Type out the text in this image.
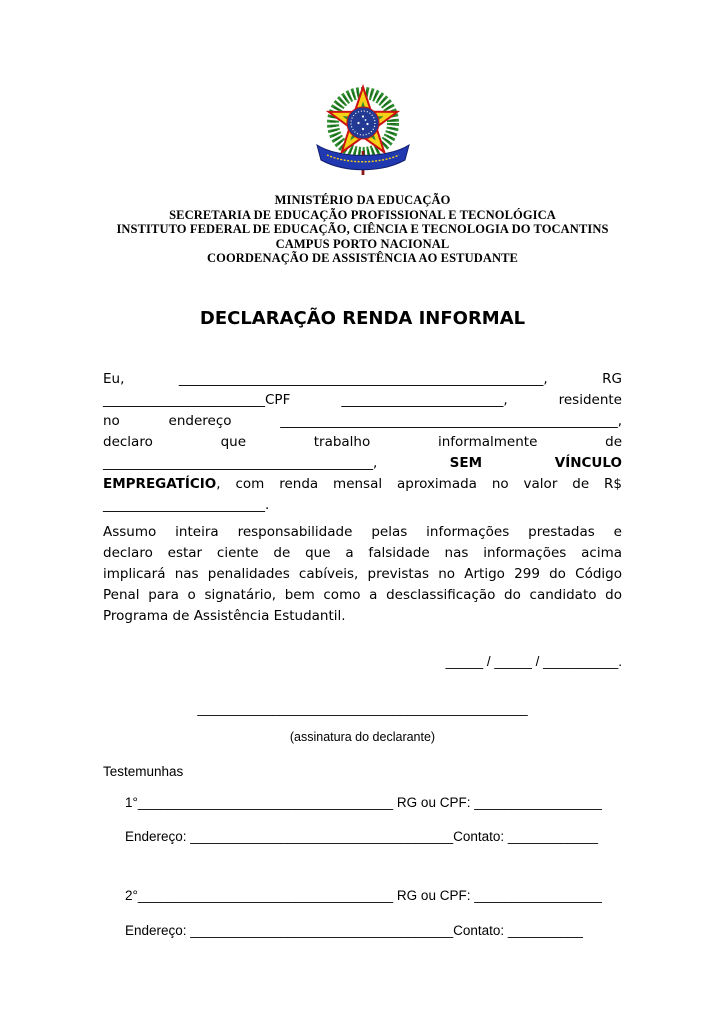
MINISTÉRIO DA EDUCAÇÃO
SECRETARIA DE EDUCAÇÃO PROFISSIONAL E TECNOLÓGICA
INSTITUTO FEDERAL DE EDUCAÇÃO, CIÊNCIA E TECNOLOGIA DO TOCANTINS
CAMPUS PORTO NACIONAL
COORDENAÇÃO DE ASSISTÊNCIA AO ESTUDANTE
DECLARAÇÃO RENDA INFORMAL
Eu, ______________________________________________________, RG
________________________CPF ________________________, residente
no endereço __________________________________________________,
declaro que trabalho informalmente de
________________________________________,	SEM VÍNCULO
EMPREGATÍCIO, com renda mensal aproximada no valor de R$
________________________.
Assumo inteira responsabilidade pelas informações prestadas e
declaro estar ciente de que a falsidade nas informações acima
implicará nas penalidades cabíveis, previstas no Artigo 299 do Código
Penal para o signatário, bem como a desclassificação do candidato do
Programa de Assistência Estudantil.
_____ / _____ / __________.
____________________________________________
(assinatura do declarante)
Testemunhas
1°__________________________________ RG ou CPF: _________________
Endereço: ___________________________________Contato: ____________
2°__________________________________ RG ou CPF: _________________
Endereço: ___________________________________Contato: __________
